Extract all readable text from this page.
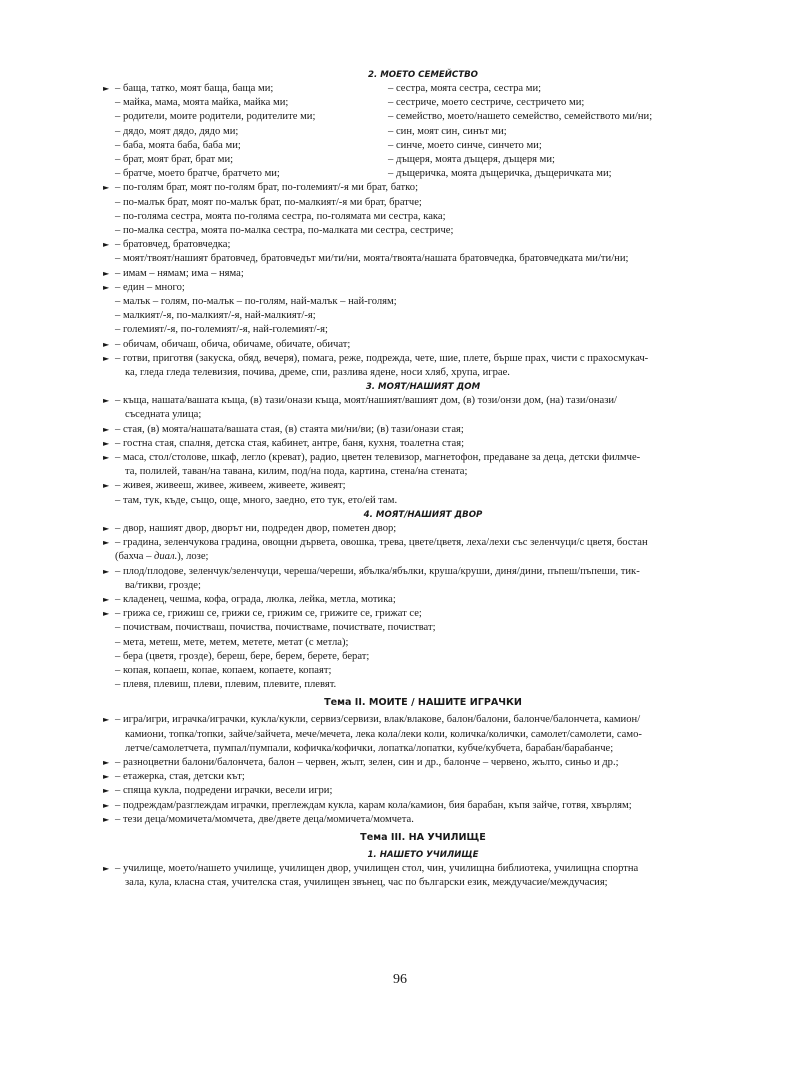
2. МОЕТО СЕМЕЙСТВО
► – баща, татко, моят баща, баща ми;
– майка, мама, моята майка, майка ми;
– родители, моите родители, родителите ми;
– дядо, моят дядо, дядо ми;
– баба, моята баба, баба ми;
– брат, моят брат, брат ми;
– братче, моето братче, братчето ми;
– сестра, моята сестра, сестра ми;
– сестриче, моето сестриче, сестричето ми;
– семейство, моето/нашето семейство, семейството ми/ни;
– син, моят син, синът ми;
– синче, моето синче, синчето ми;
– дъщеря, моята дъщеря, дъщеря ми;
– дъщеричка, моята дъщеричка, дъщеричката ми;
► – по-голям брат, моят по-голям брат, по-големият/-я ми брат, батко;
– по-малък брат, моят по-малък брат, по-малкият/-я ми брат, братче;
– по-голяма сестра, моята по-голяма сестра, по-голямата ми сестра, кака;
– по-малка сестра, моята по-малка сестра, по-малката ми сестра, сестриче;
► – братовчед, братовчедка;
– моят/твоят/нашият братовчед, братовчедът ми/ти/ни, моята/твоята/нашата братовчедка, братовчедката ми/ти/ни;
► – имам – нямам; има – няма;
► – един – много;
– малък – голям, по-малък – по-голям, най-малък – най-голям;
– малкият/-я, по-малкият/-я, най-малкият/-я;
– големият/-я, по-големият/-я, най-големият/-я;
► – обичам, обичаш, обича, обичаме, обичате, обичат;
► – готви, приготвя (закуска, обяд, вечеря), помага, реже, подрежда, чете, шие, плете, бърше прах, чисти с прахосмукач-
ка, гледа гледа телевизия, почива, дреме, спи, разлива ядене, носи хляб, хрупа, играе.
3. МОЯТ/НАШИЯТ ДОМ
► – къща, нашата/вашата къща, (в) тази/онази къща, моят/нашият/вашият дом, (в) този/онзи дом, (на) тази/онази/
съседната улица;
► – стая, (в) моята/нашата/вашата стая, (в) стаята ми/ни/ви; (в) тази/онази стая;
► – гостна стая, спалня, детска стая, кабинет, антре, баня, кухня, тоалетна стая;
► – маса, стол/столове, шкаф, легло (креват), радио, цветен телевизор, магнетофон, предаване за деца, детски филмче-
та, полилей, таван/на тавана, килим, под/на пода, картина, стена/на стената;
► – живея, живееш, живее, живеем, живеете, живеят;
– там, тук, къде, също, още, много, заедно, ето тук, ето/ей там.
4. МОЯТ/НАШИЯТ ДВОР
► – двор, нашият двор, дворът ни, подреден двор, пометен двор;
► – градина, зеленчукова градина, овощни дървета, овошка, трева, цвете/цветя, леха/лехи със зеленчуци/с цветя, бостан
(бахча – диал.), лозе;
► – плод/плодове, зеленчук/зеленчуци, череша/череши, ябълка/ябълки, круша/круши, диня/дини, пъпеш/пъпеши, тик-
ва/тикви, грозде;
► – кладенец, чешма, кофа, ограда, люлка, лейка, метла, мотика;
► – грижа се, грижиш се, грижи се, грижим се, грижите се, грижат се;
– почиствам, почистваш, почиства, почистваме, почиствате, почистват;
– мета, метеш, мете, метем, метете, метат (с метла);
– бера (цветя, грозде), береш, бере, берем, берете, берат;
– копая, копаеш, копае, копаем, копаете, копаят;
– плевя, плевиш, плеви, плевим, плевите, плевят.
Тема II. МОИТЕ / НАШИТЕ ИГРАЧКИ
► – игра/игри, играчка/играчки, кукла/кукли, сервиз/сервизи, влак/влакове, балон/балони, балонче/балончета, камион/
камиони, топка/топки, зайче/зайчета, мече/мечета, лека кола/леки коли, количка/колички, самолет/самолети, само-
летче/самолетчета, пумпал/пумпали, кофичка/кофички, лопатка/лопатки, кубче/кубчета, барабан/барабанче;
► – разноцветни балони/балончета, балон – червен, жълт, зелен, син и др., балонче – червено, жълто, синьо и др.;
► – етажерка, стая, детски кът;
► – спяща кукла, подредени играчки, весели игри;
► – подреждам/разглеждам играчки, преглеждам кукла, карам кола/камион, бия барабан, къпя зайче, готвя, хвърлям;
► – тези деца/момичета/момчета, две/двете деца/момичета/момчета.
Тема III. НА УЧИЛИЩЕ
1. НАШЕТО УЧИЛИЩЕ
► – училище, моето/нашето училище, училищен двор, училищен стол, чин, училищна библиотека, училищна спортна
зала, кула, класна стая, учителска стая, училищен звънец, час по български език, междучасие/междучасия;
96
